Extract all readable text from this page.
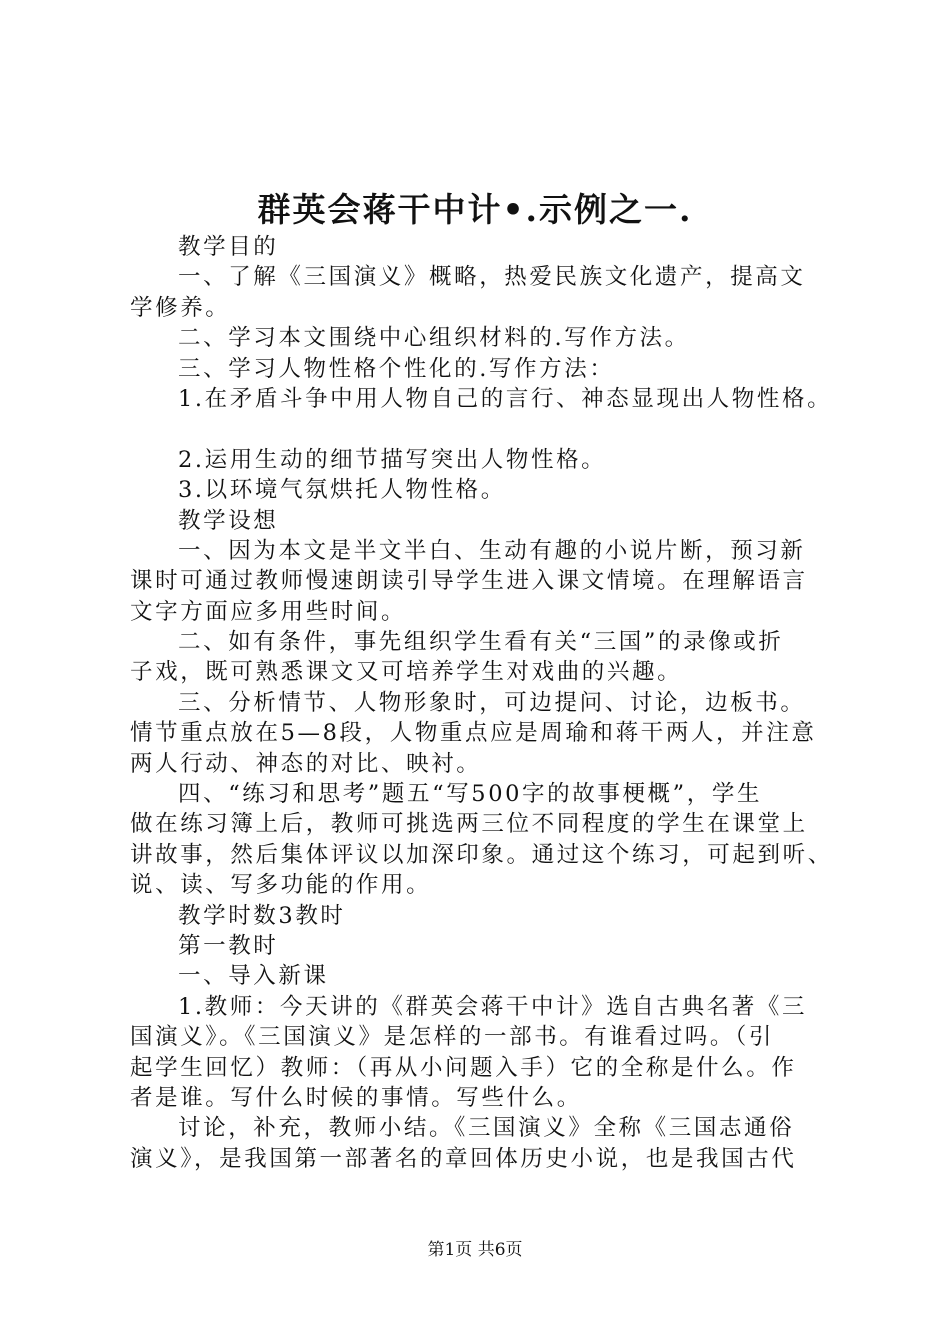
群英会蒋干中计•.示例之一.
教学目的
一、了解《三国演义》概略，热爱民族文化遗产，提高文
学修养。
二、学习本文围绕中心组织材料的.写作方法。
三、学习人物性格个性化的.写作方法：
1.在矛盾斗争中用人物自己的言行、神态显现出人物性格。
2.运用生动的细节描写突出人物性格。
3.以环境气氛烘托人物性格。
教学设想
一、因为本文是半文半白、生动有趣的小说片断，预习新
课时可通过教师慢速朗读引导学生进入课文情境。在理解语言
文字方面应多用些时间。
二、如有条件，事先组织学生看有关“三国”的录像或折
子戏，既可熟悉课文又可培养学生对戏曲的兴趣。
三、分析情节、人物形象时，可边提问、讨论，边板书。
情节重点放在5—8段，人物重点应是周瑜和蒋干两人，并注意
两人行动、神态的对比、映衬。
四、“练习和思考”题五“写500字的故事梗概”，学生
做在练习簿上后，教师可挑选两三位不同程度的学生在课堂上
讲故事，然后集体评议以加深印象。通过这个练习，可起到听、
说、读、写多功能的作用。
教学时数3教时
第一教时
一、导入新课
1.教师：今天讲的《群英会蒋干中计》选自古典名著《三
国演义》。《三国演义》是怎样的一部书。有谁看过吗。（引
起学生回忆）教师：（再从小问题入手）它的全称是什么。作
者是谁。写什么时候的事情。写些什么。
讨论，补充，教师小结。《三国演义》全称《三国志通俗
演义》，是我国第一部著名的章回体历史小说，也是我国古代
第1页 共6页
